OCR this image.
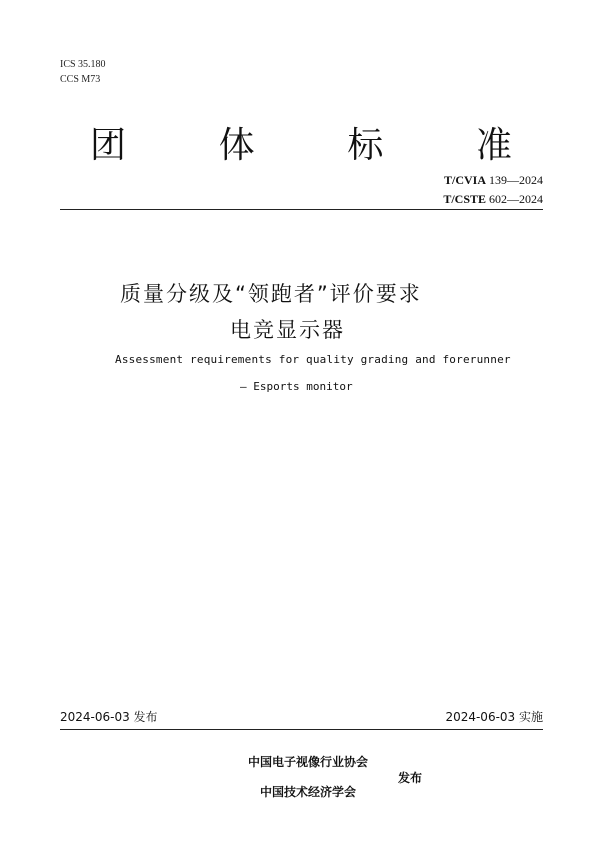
ICS 35.180
CCS M73
团	体	标	准
T/CVIA 139—2024
T/CSTE 602—2024
质量分级及“领跑者”评价要求
电竞显示器
Assessment requirements for quality grading and forerunner
— Esports monitor
2024-06-03 发布	2024-06-03 实施
中国电子视像行业协会
发布
中国技术经济学会
